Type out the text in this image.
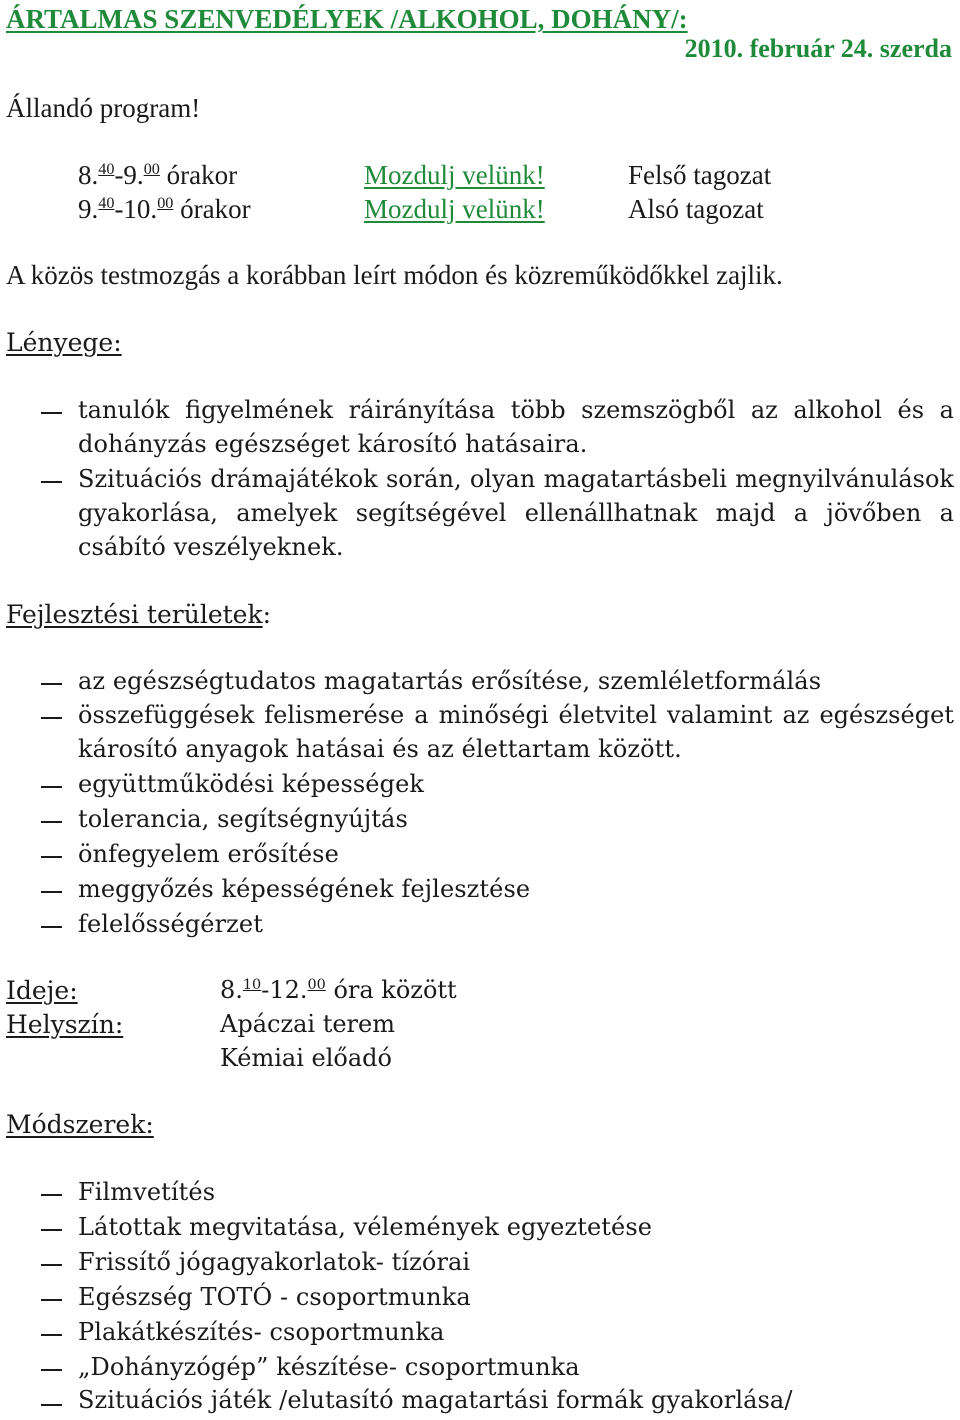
ÁRTALMAS SZENVEDÉLYEK /ALKOHOL, DOHÁNY/:
2010. február 24. szerda
Állandó program!
8.40-9.00 órakor	Mozdulj velünk!	Felső tagozat
9.40-10.00 órakor	Mozdulj velünk!	Alsó tagozat
A közös testmozgás a korábban leírt módon és közreműködőkkel zajlik.
Lényege:
tanulók figyelmének ráirányítása több szemszögből az alkohol és a
dohányzás egészséget károsító hatásaira.
Szituációs drámajátékok során, olyan magatartásbeli megnyilvánulások
gyakorlása, amelyek segítségével ellenállhatnak majd a jövőben a
csábító veszélyeknek.
Fejlesztési területek:
az egészségtudatos magatartás erősítése, szemléletformálás
összefüggések felismerése a minőségi életvitel valamint az egészséget
károsító anyagok hatásai és az élettartam között.
együttműködési képességek
tolerancia, segítségnyújtás
önfegyelem erősítése
meggyőzés képességének fejlesztése
felelősségérzet
Ideje:	8.10-12.00 óra között
Helyszín:	Apáczai terem
Kémiai előadó
Módszerek:
Filmvetítés
Látottak megvitatása, vélemények egyeztetése
Frissítő jógagyakorlatok- tízórai
Egészség TOTÓ - csoportmunka
Plakátkészítés- csoportmunka
„Dohányzógép” készítése- csoportmunka
Szituációs játék /elutasító magatartási formák gyakorlása/
